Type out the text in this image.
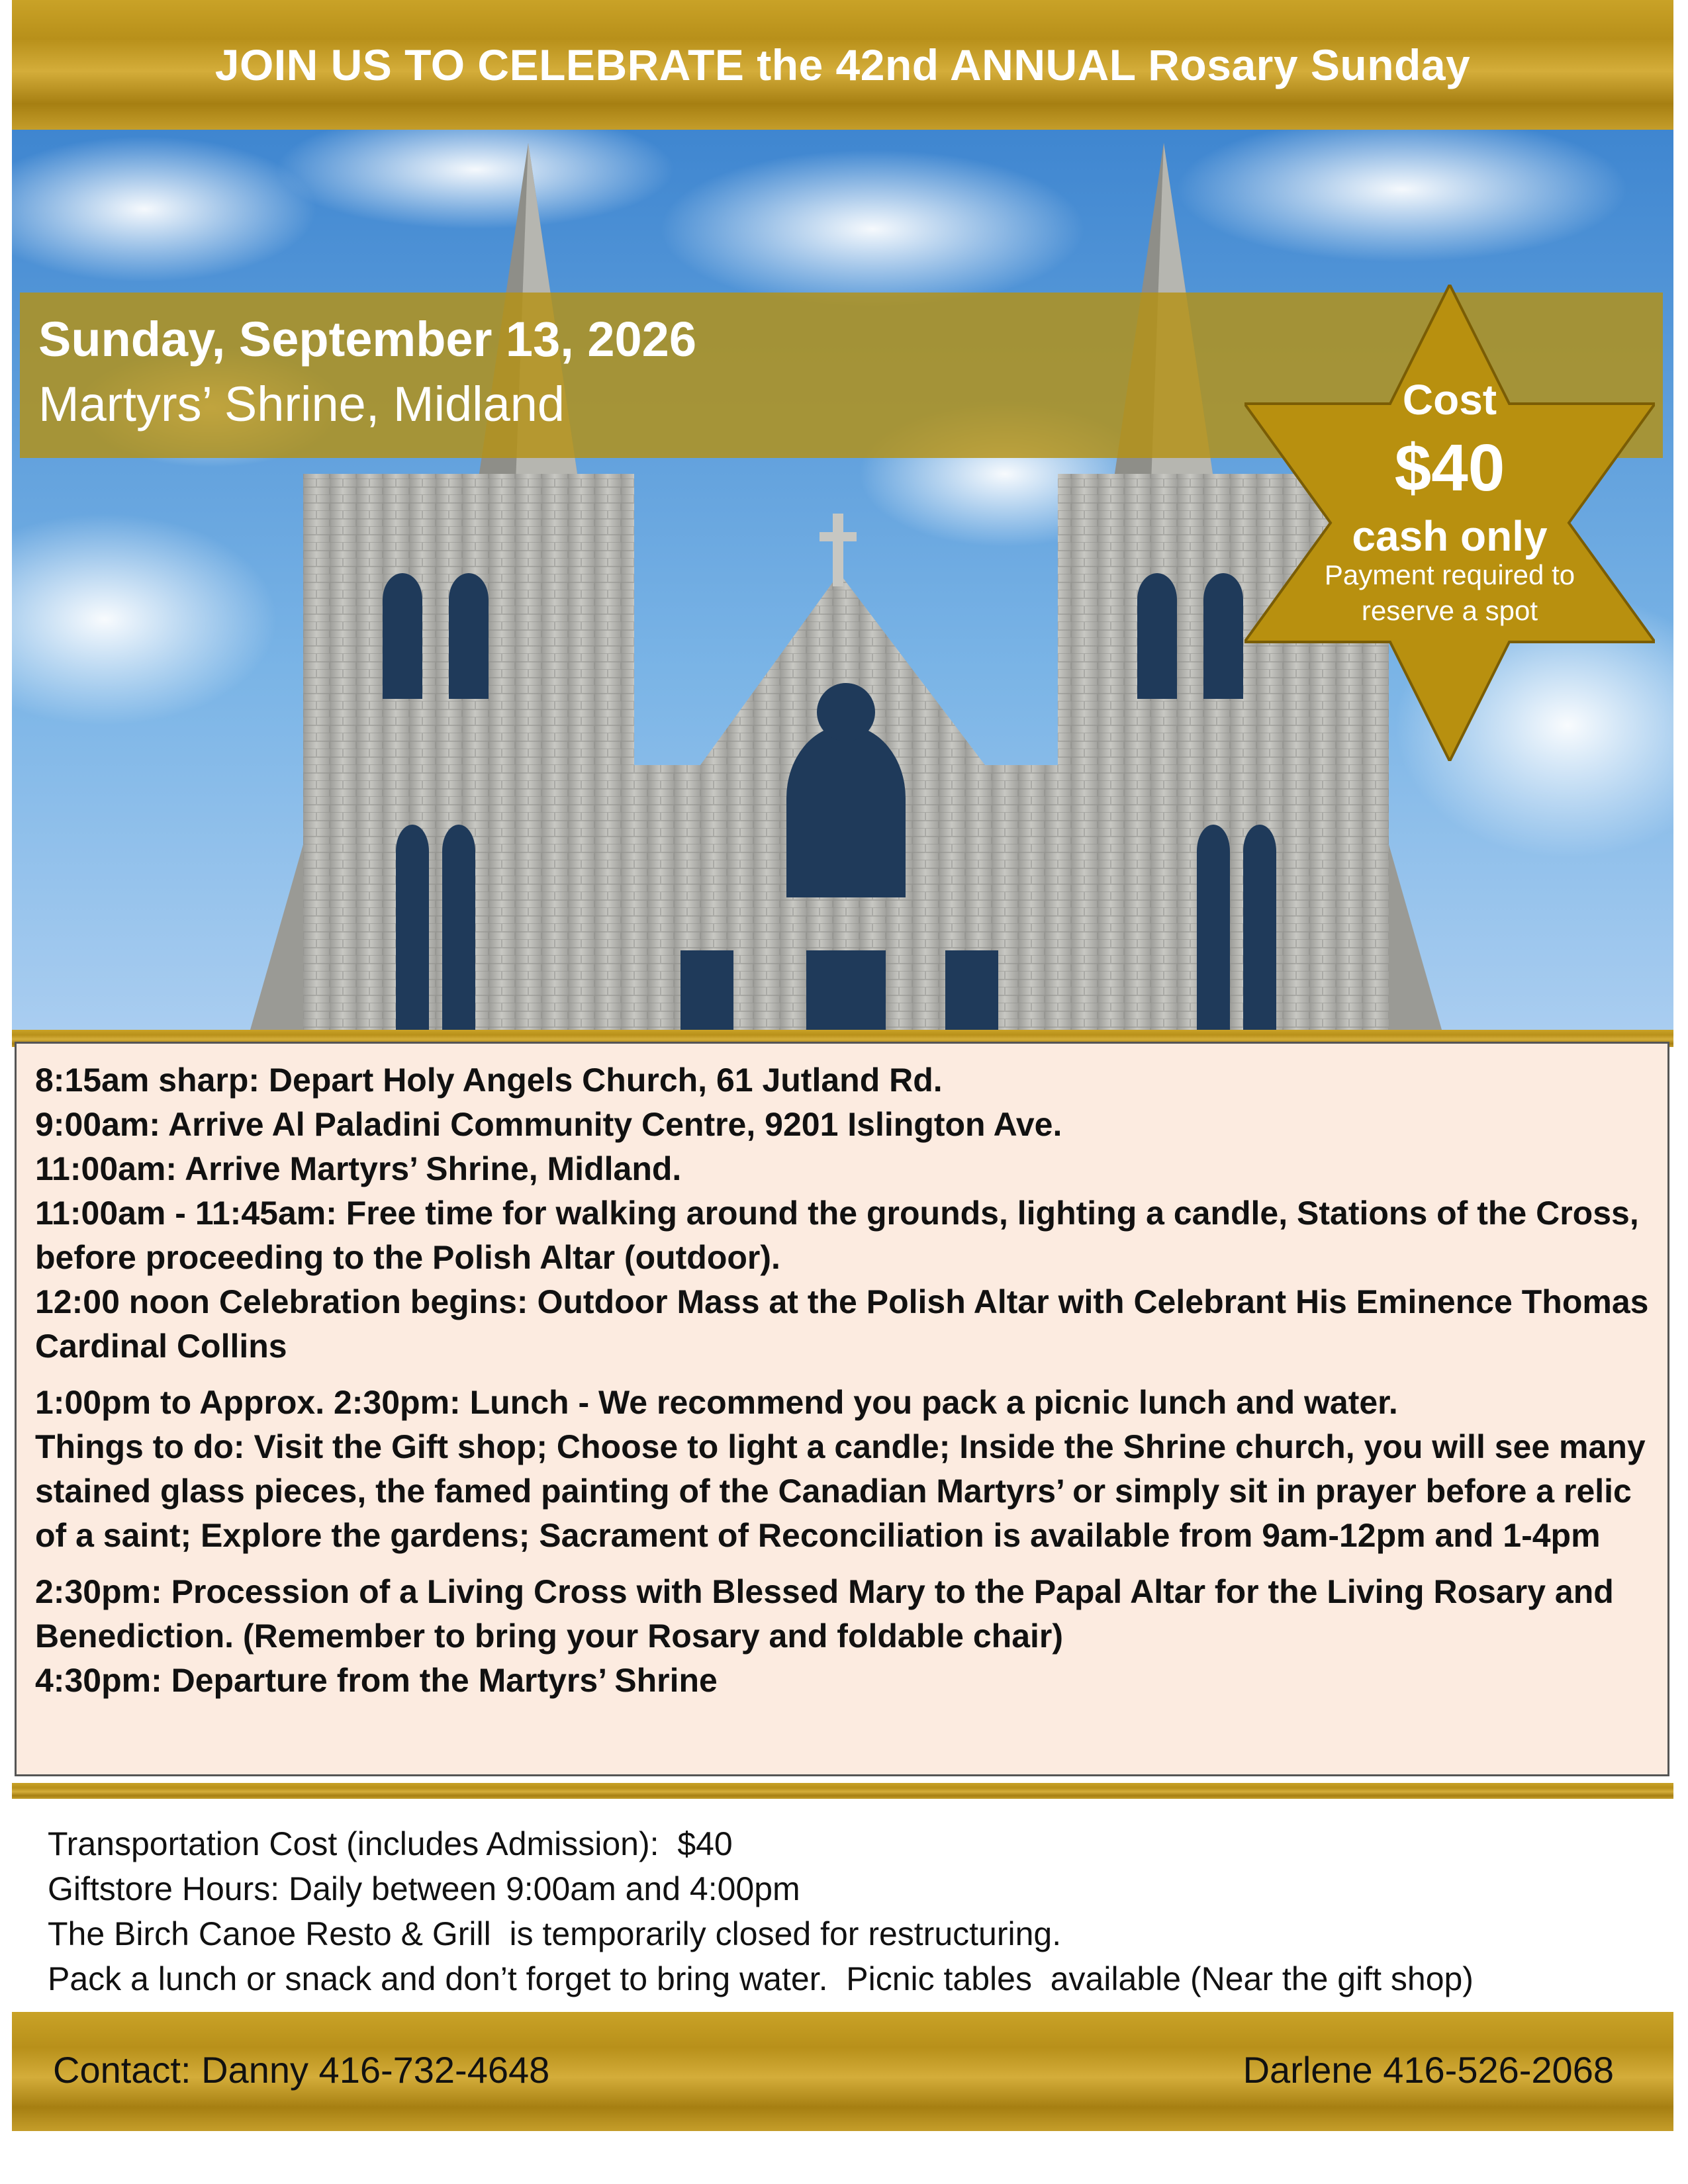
JOIN US TO CELEBRATE the 42nd ANNUAL Rosary Sunday
Sunday, September 13, 2026
Martyrs’ Shrine, Midland	Cost
$40
cash only
Payment required to
reserve a spot

8:15am sharp: Depart Holy Angels Church, 61 Jutland Rd.

9:00am: Arrive Al Paladini Community Centre, 9201 Islington Ave.

11:00am: Arrive Martyrs’ Shrine, Midland.

11:00am - 11:45am: Free time for walking around the grounds, lighting a candle, Stations of the Cross, before proceeding to the Polish Altar (outdoor).

12:00 noon Celebration begins: Outdoor Mass at the Polish Altar with Celebrant His Eminence Thomas Cardinal Collins

1:00pm to Approx. 2:30pm: Lunch - We recommend you pack a picnic lunch and water.

Things to do: Visit the Gift shop; Choose to light a candle; Inside the Shrine church, you will see many stained glass pieces, the famed painting of the Canadian Martyrs’ or simply sit in prayer before a relic of a saint; Explore the gardens; Sacrament of Reconciliation is available from 9am-12pm and 1-4pm

2:30pm: Procession of a Living Cross with Blessed Mary to the Papal Altar for the Living Rosary and Benediction. (Remember to bring your Rosary and foldable chair)

4:30pm: Departure from the Martyrs’ Shrine

Transportation Cost (includes Admission):  $40
Giftstore Hours: Daily between 9:00am and 4:00pm
The Birch Canoe Resto & Grill  is temporarily closed for restructuring.
Pack a lunch or snack and don’t forget to bring water.  Picnic tables  available (Near the gift shop)
Contact: Danny 416-732-4648	Darlene 416-526-2068
